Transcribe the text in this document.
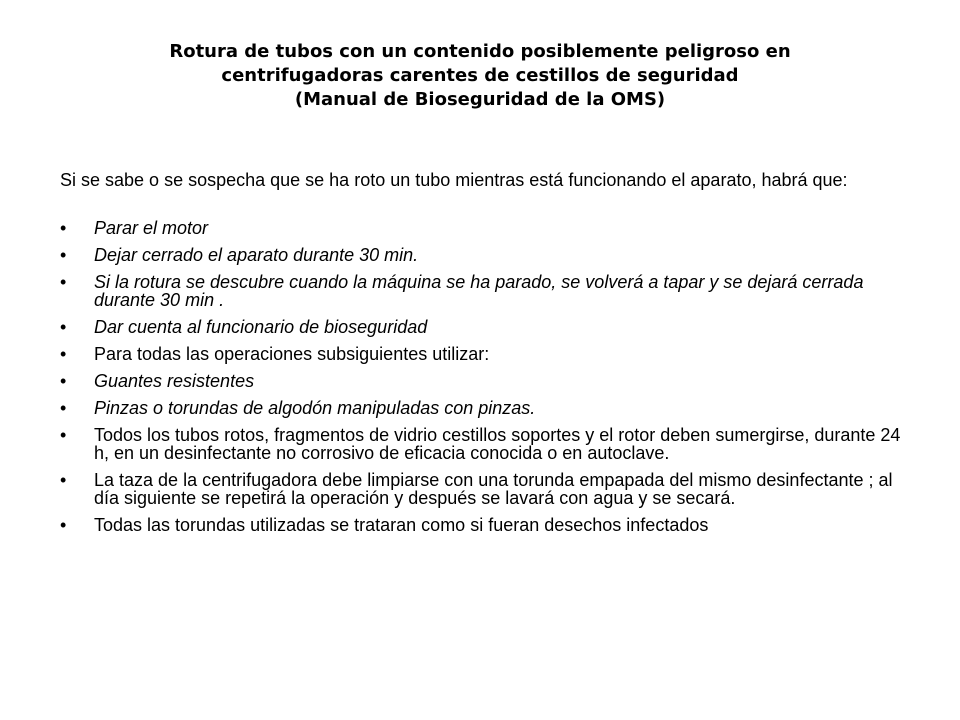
Rotura de tubos con un contenido posiblemente peligroso en
centrifugadoras carentes de cestillos de seguridad
(Manual de Bioseguridad de la OMS)

Si se sabe o se sospecha que se ha roto un tubo mientras está funcionando el aparato, habrá que:

• Parar el motor
• Dejar cerrado el aparato durante 30 min.
• Si la rotura se descubre cuando la máquina se ha parado, se volverá a tapar y se dejará cerrada durante 30 min .
• Dar cuenta al funcionario de bioseguridad
• Para todas las operaciones subsiguientes utilizar:
• Guantes resistentes
• Pinzas o torundas de algodón manipuladas con pinzas.
• Todos los tubos rotos, fragmentos de vidrio cestillos soportes y el rotor deben sumergirse, durante 24 h, en un desinfectante no corrosivo de eficacia conocida o en autoclave.
• La taza de la centrifugadora debe limpiarse con una torunda empapada del mismo desinfectante ; al día siguiente se repetirá la operación y después se lavará con agua y se secará.
• Todas las torundas utilizadas se trataran como si fueran desechos infectados
